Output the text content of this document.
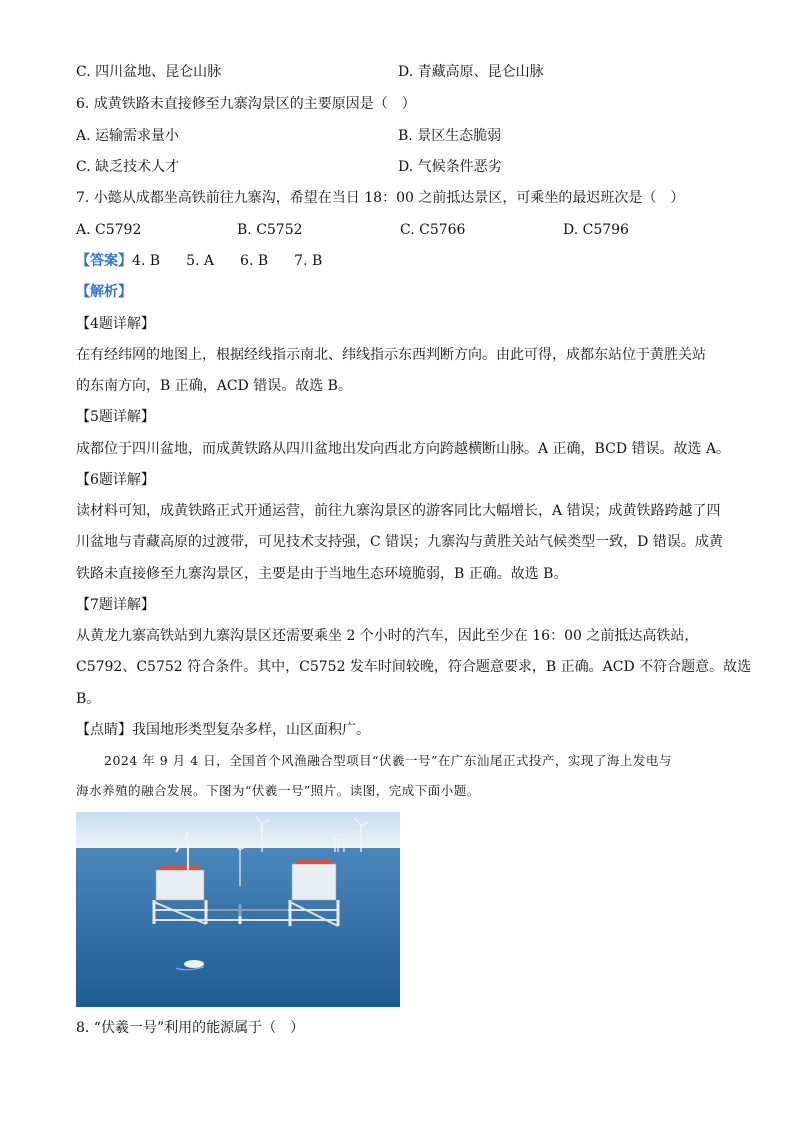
C. 四川盆地、昆仑山脉	D. 青藏高原、昆仑山脉
6. 成黄铁路未直接修至九寨沟景区的主要原因是（　）
A. 运输需求量小	B. 景区生态脆弱
C. 缺乏技术人才	D. 气候条件恶劣
7. 小懿从成都坐高铁前往九寨沟，希望在当日 18：00 之前抵达景区，可乘坐的最迟班次是（　）
A. C5792	B. C5752	C. C5766	D. C5796
【答案】4. B 5. A 6. B 7. B
【解析】
【4题详解】
在有经纬网的地图上，根据经线指示南北、纬线指示东西判断方向。由此可得，成都东站位于黄胜关站
的东南方向，B 正确，ACD 错误。故选 B。
【5题详解】
成都位于四川盆地，而成黄铁路从四川盆地出发向西北方向跨越横断山脉。A 正确，BCD 错误。故选 A。
【6题详解】
读材料可知，成黄铁路正式开通运营，前往九寨沟景区的游客同比大幅增长，A 错误；成黄铁路跨越了四
川盆地与青藏高原的过渡带，可见技术支持强，C 错误；九寨沟与黄胜关站气候类型一致，D 错误。成黄
铁路未直接修至九寨沟景区，主要是由于当地生态环境脆弱，B 正确。故选 B。
【7题详解】
从黄龙九寨高铁站到九寨沟景区还需要乘坐 2 个小时的汽车，因此至少在 16：00 之前抵达高铁站，
C5792、C5752 符合条件。其中，C5752 发车时间较晚，符合题意要求，B 正确。ACD 不符合题意。故选
B。
【点睛】我国地形类型复杂多样，山区面积广。
2024 年 9 月 4 日，全国首个风渔融合型项目“伏羲一号”在广东汕尾正式投产，实现了海上发电与
海水养殖的融合发展。下图为“伏羲一号”照片。读图，完成下面小题。
8. “伏羲一号”利用的能源属于（　）
